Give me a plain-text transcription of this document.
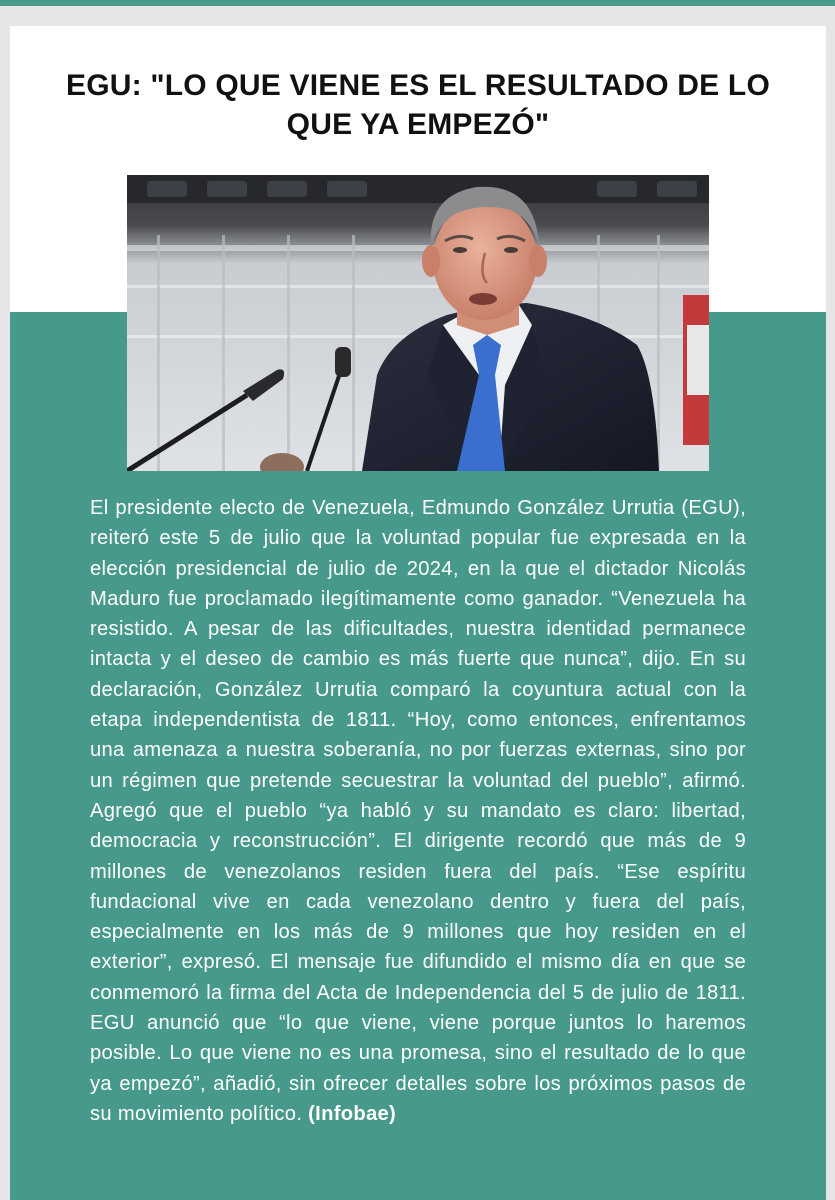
EGU: "LO QUE VIENE ES EL RESULTADO DE LO QUE YA EMPEZÓ"

El presidente electo de Venezuela, Edmundo González Urrutia (EGU), reiteró este 5 de julio que la voluntad popular fue expresada en la elección presidencial de julio de 2024, en la que el dictador Nicolás Maduro fue proclamado ilegítimamente como ganador. “Venezuela ha resistido. A pesar de las dificultades, nuestra identidad permanece intacta y el deseo de cambio es más fuerte que nunca”, dijo. En su declaración, González Urrutia comparó la coyuntura actual con la etapa independentista de 1811. “Hoy, como entonces, enfrentamos una amenaza a nuestra soberanía, no por fuerzas externas, sino por un régimen que pretende secuestrar la voluntad del pueblo”, afirmó. Agregó que el pueblo “ya habló y su mandato es claro: libertad, democracia y reconstrucción”. El dirigente recordó que más de 9 millones de venezolanos residen fuera del país. “Ese espíritu fundacional vive en cada venezolano dentro y fuera del país, especialmente en los más de 9 millones que hoy residen en el exterior”, expresó. El mensaje fue difundido el mismo día en que se conmemoró la firma del Acta de Independencia del 5 de julio de 1811. EGU anunció que “lo que viene, viene porque juntos lo haremos posible. Lo que viene no es una promesa, sino el resultado de lo que ya empezó”, añadió, sin ofrecer detalles sobre los próximos pasos de su movimiento político. (Infobae)
